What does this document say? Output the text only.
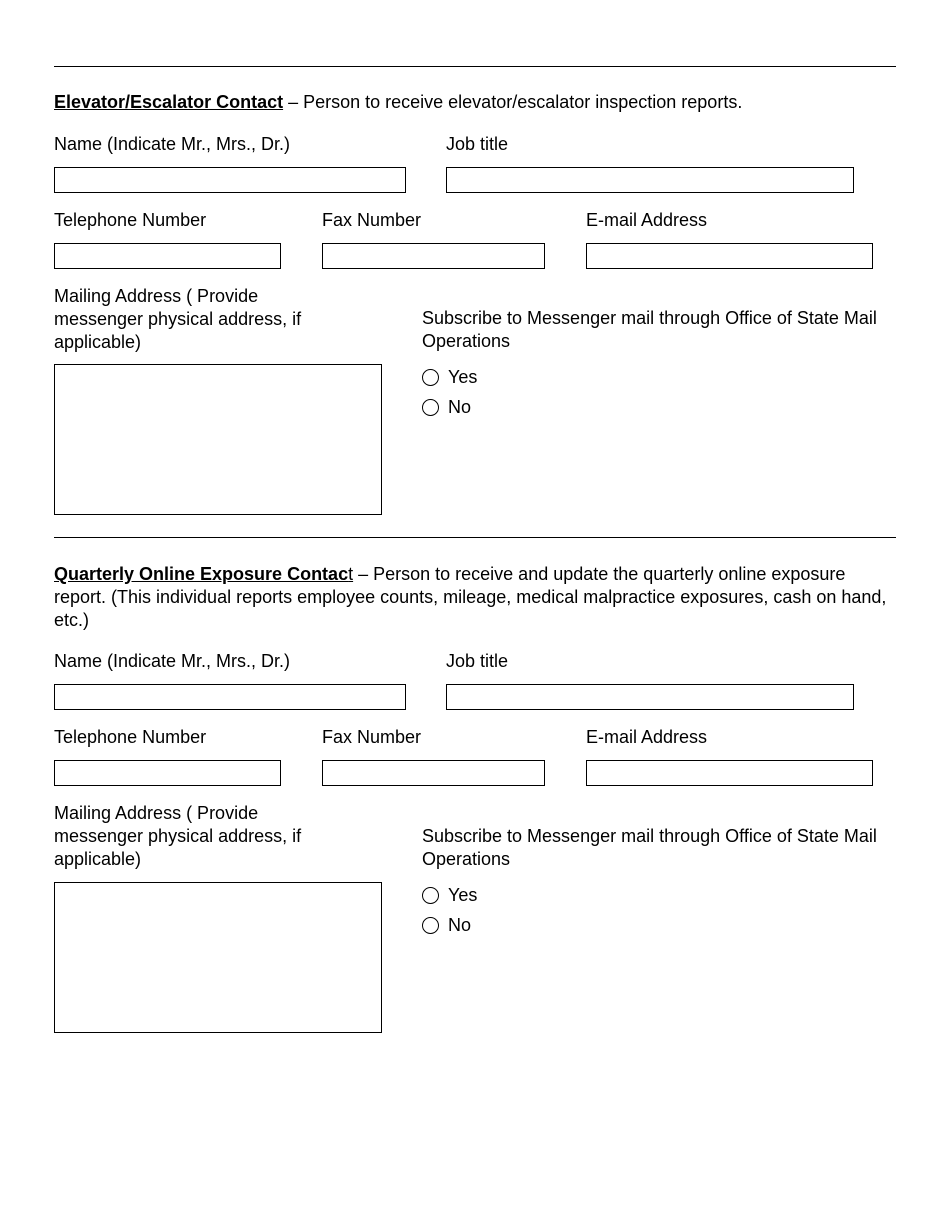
Elevator/Escalator Contact – Person to receive elevator/escalator inspection reports.
Name (Indicate Mr., Mrs., Dr.)	Job title
Telephone Number	Fax Number	E-mail Address
Mailing Address ( Provide messenger physical address, if applicable)
Subscribe to Messenger mail through Office of State Mail Operations
Yes
No
Quarterly Online Exposure Contact – Person to receive and update the quarterly online exposure report. (This individual reports employee counts, mileage, medical malpractice exposures, cash on hand, etc.)
Name (Indicate Mr., Mrs., Dr.)	Job title
Telephone Number	Fax Number	E-mail Address
Mailing Address ( Provide messenger physical address, if applicable)
Subscribe to Messenger mail through Office of State Mail Operations
Yes
No
